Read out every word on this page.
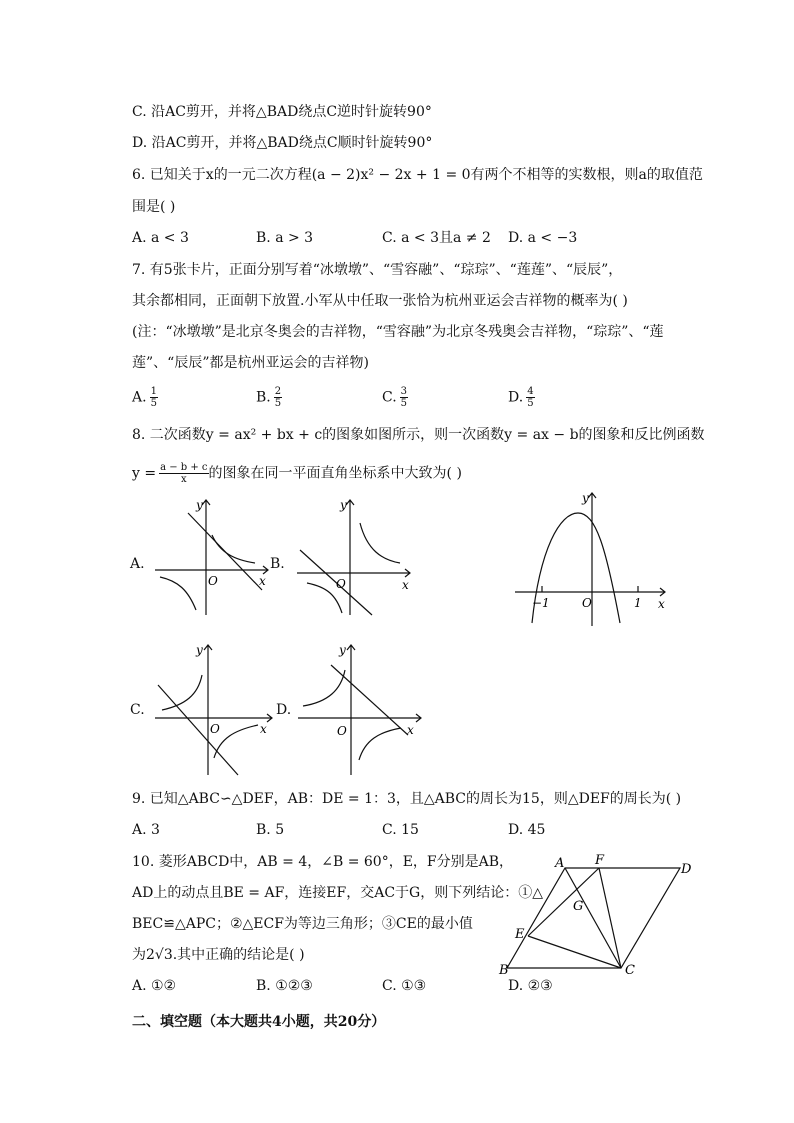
C. 沿AC剪开，并将△BAD绕点C逆时针旋转90°
D. 沿AC剪开，并将△BAD绕点C顺时针旋转90°
6. 已知关于x的一元二次方程(a − 2)x² − 2x + 1 = 0有两个不相等的实数根，则a的取值范
围是( )
A. a < 3	B. a > 3	C. a < 3且a ≠ 2 D. a < −3
7. 有5张卡片，正面分别写着“冰墩墩”、“雪容融”、“琮琮”、“莲莲”、“辰辰”，
其余都相同，正面朝下放置.小军从中任取一张恰为杭州亚运会吉祥物的概率为( )
(注：“冰墩墩”是北京冬奥会的吉祥物，“雪容融”为北京冬残奥会吉祥物，“琮琮”、“莲
莲”、“辰辰”都是杭州亚运会的吉祥物)
A. $\frac{1}{5}$	B. $\frac{2}{5}$	C. $\frac{3}{5}$	D. $\frac{4}{5}$
8. 二次函数y = ax² + bx + c的图象如图所示，则一次函数y = ax − b的图象和反比例函数
$y = \frac{a - b + c}{x}$ 的图象在同一平面直角坐标系中大致为( )
A.	B.
C.	D.
y
x
O
y
x
O
y
x
O
−1	1
y
x
O
y
x
O
9. 已知△ABC∽△DEF，AB：DE = 1：3，且△ABC的周长为15，则△DEF的周长为( )
A. 3	B. 5	C. 15	D. 45
10. 菱形ABCD中，AB = 4，∠B = 60°，E，F分别是AB，
AD上的动点且BE = AF，连接EF，交AC于G，则下列结论：①△
BEC≌△APC；②△ECF为等边三角形；③CE的最小值
为2√3.其中正确的结论是( )
A. ①②	B. ①②③	C. ①③	D. ②③
A F
D
G
E
B	C
二、填空题（本大题共4小题，共20分）
